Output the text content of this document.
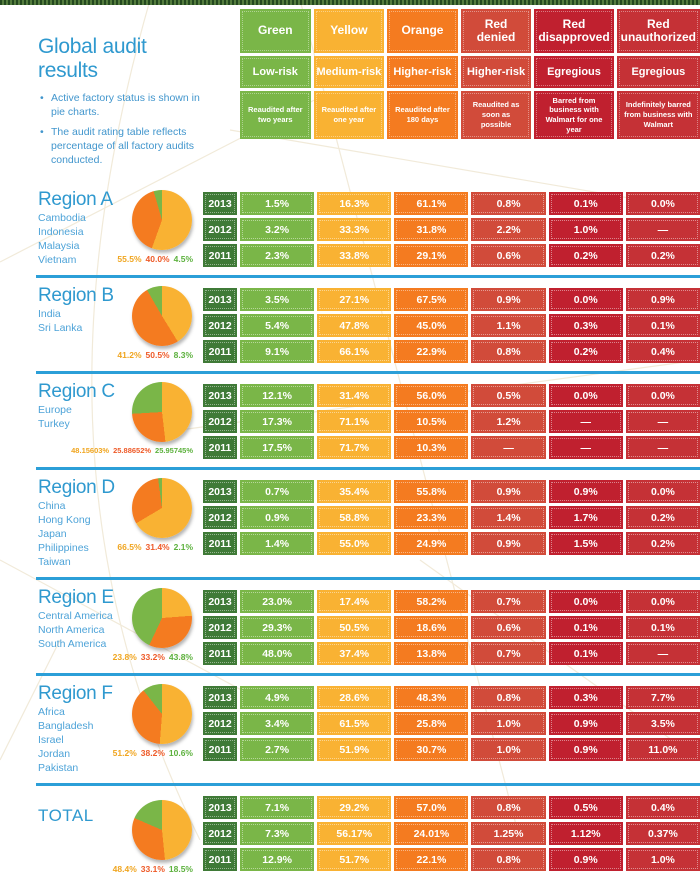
Global audit results
• Active factory status is shown in pie charts.
• The audit rating table reflects percentage of all factory audits conducted.
Green
Low-risk
Reaudited after two years
Yellow
Medium-risk
Reaudited after one year
Orange
Higher-risk
Reaudited after 180 days
Red denied
Higher-risk
Reaudited as soon as possible
Red disapproved
Egregious
Barred from business with Walmart for one year
Red unauthorized
Egregious
Indefinitely barred from business with Walmart
Region A
Cambodia
Indonesia
Malaysia
Vietnam	55.5% 40.0% 4.5%
2013	1.5%	16.3%	61.1%	0.8%	0.1%	0.0%
2012	3.2%	33.3%	31.8%	2.2%	1.0%	—
2011	2.3%	33.8%	29.1%	0.6%	0.2%	0.2%
Region B
India
Sri Lanka
41.2% 50.5% 8.3%
2013	3.5%	27.1%	67.5%	0.9%	0.0%	0.9%
2012	5.4%	47.8%	45.0%	1.1%	0.3%	0.1%
2011	9.1%	66.1%	22.9%	0.8%	0.2%	0.4%
Region C
Europe
Turkey
48.15603% 25.88652% 25.95745%
2013	12.1%	31.4%	56.0%	0.5%	0.0%	0.0%
2012	17.3%	71.1%	10.5%	1.2%	—	—
2011	17.5%	71.7%	10.3%	—	—	—
Region D
China
Hong Kong
Japan
Philippines
Taiwan
66.5% 31.4% 2.1%
2013	0.7%	35.4%	55.8%	0.9%	0.9%	0.0%
2012	0.9%	58.8%	23.3%	1.4%	1.7%	0.2%
2011	1.4%	55.0%	24.9%	0.9%	1.5%	0.2%
Region E
Central America
North America
South America
23.8% 33.2% 43.8%
2013	23.0%	17.4%	58.2%	0.7%	0.0%	0.0%
2012	29.3%	50.5%	18.6%	0.6%	0.1%	0.1%
2011	48.0%	37.4%	13.8%	0.7%	0.1%	—
Region F
Africa
Bangladesh
Israel
Jordan
Pakistan
51.2% 38.2% 10.6%
2013	4.9%	28.6%	48.3%	0.8%	0.3%	7.7%
2012	3.4%	61.5%	25.8%	1.0%	0.9%	3.5%
2011	2.7%	51.9%	30.7%	1.0%	0.9%	11.0%
TOTAL
48.4% 33.1% 18.5%
2013	7.1%	29.2%	57.0%	0.8%	0.5%	0.4%
2012	7.3%	56.17%	24.01%	1.25%	1.12%	0.37%
2011	12.9%	51.7%	22.1%	0.8%	0.9%	1.0%
